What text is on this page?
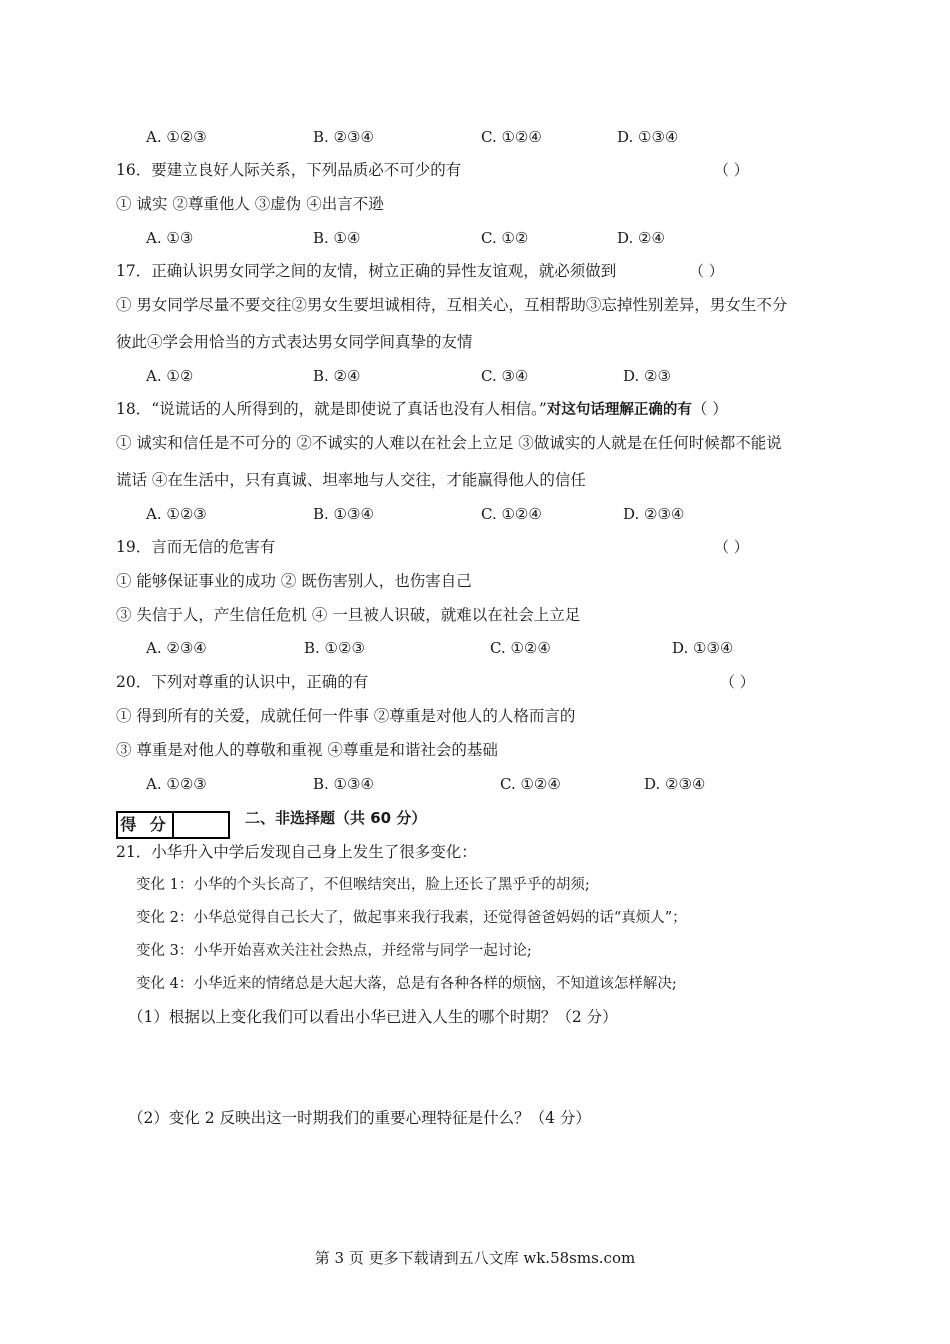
A. ①②③	B. ②③④	C. ①②④	D. ①③④
16．要建立良好人际关系，下列品质必不可少的有	（ ）
① 诚实 ②尊重他人 ③虚伪 ④出言不逊
A. ①③	B. ①④	C. ①②	D. ②④
17．正确认识男女同学之间的友情，树立正确的异性友谊观，就必须做到	（ ）
① 男女同学尽量不要交往②男女生要坦诚相待，互相关心，互相帮助③忘掉性别差异，男女生不分
彼此④学会用恰当的方式表达男女同学间真挚的友情
A. ①②	B. ②④	C. ③④	D. ②③
18．“说谎话的人所得到的，就是即使说了真话也没有人相信。”对这句话理解正确的有（ ）
① 诚实和信任是不可分的 ②不诚实的人难以在社会上立足 ③做诚实的人就是在任何时候都不能说
谎话 ④在生活中，只有真诚、坦率地与人交往，才能赢得他人的信任
A. ①②③	B. ①③④	C. ①②④	D. ②③④
19．言而无信的危害有	（ ）
① 能够保证事业的成功 ② 既伤害别人，也伤害自己
③ 失信于人，产生信任危机 ④ 一旦被人识破，就难以在社会上立足
A. ②③④	B. ①②③	C. ①②④	D. ①③④
20．下列对尊重的认识中，正确的有	（ ）
① 得到所有的关爱，成就任何一件事 ②尊重是对他人的人格而言的
③ 尊重是对他人的尊敬和重视 ④尊重是和谐社会的基础
A. ①②③	B. ①③④	C. ①②④	D. ②③④
得 分	二、非选择题（共 60 分）
21．小华升入中学后发现自己身上发生了很多变化：
变化 1：小华的个头长高了，不但喉结突出，脸上还长了黑乎乎的胡须;
变化 2：小华总觉得自己长大了，做起事来我行我素，还觉得爸爸妈妈的话“真烦人”；
变化 3：小华开始喜欢关注社会热点，并经常与同学一起讨论;
变化 4：小华近来的情绪总是大起大落，总是有各种各样的烦恼，不知道该怎样解决;
（1）根据以上变化我们可以看出小华已进入人生的哪个时期？（2 分）
（2）变化 2 反映出这一时期我们的重要心理特征是什么？（4 分）
第 3 页 更多下载请到五八文库 wk.58sms.com
